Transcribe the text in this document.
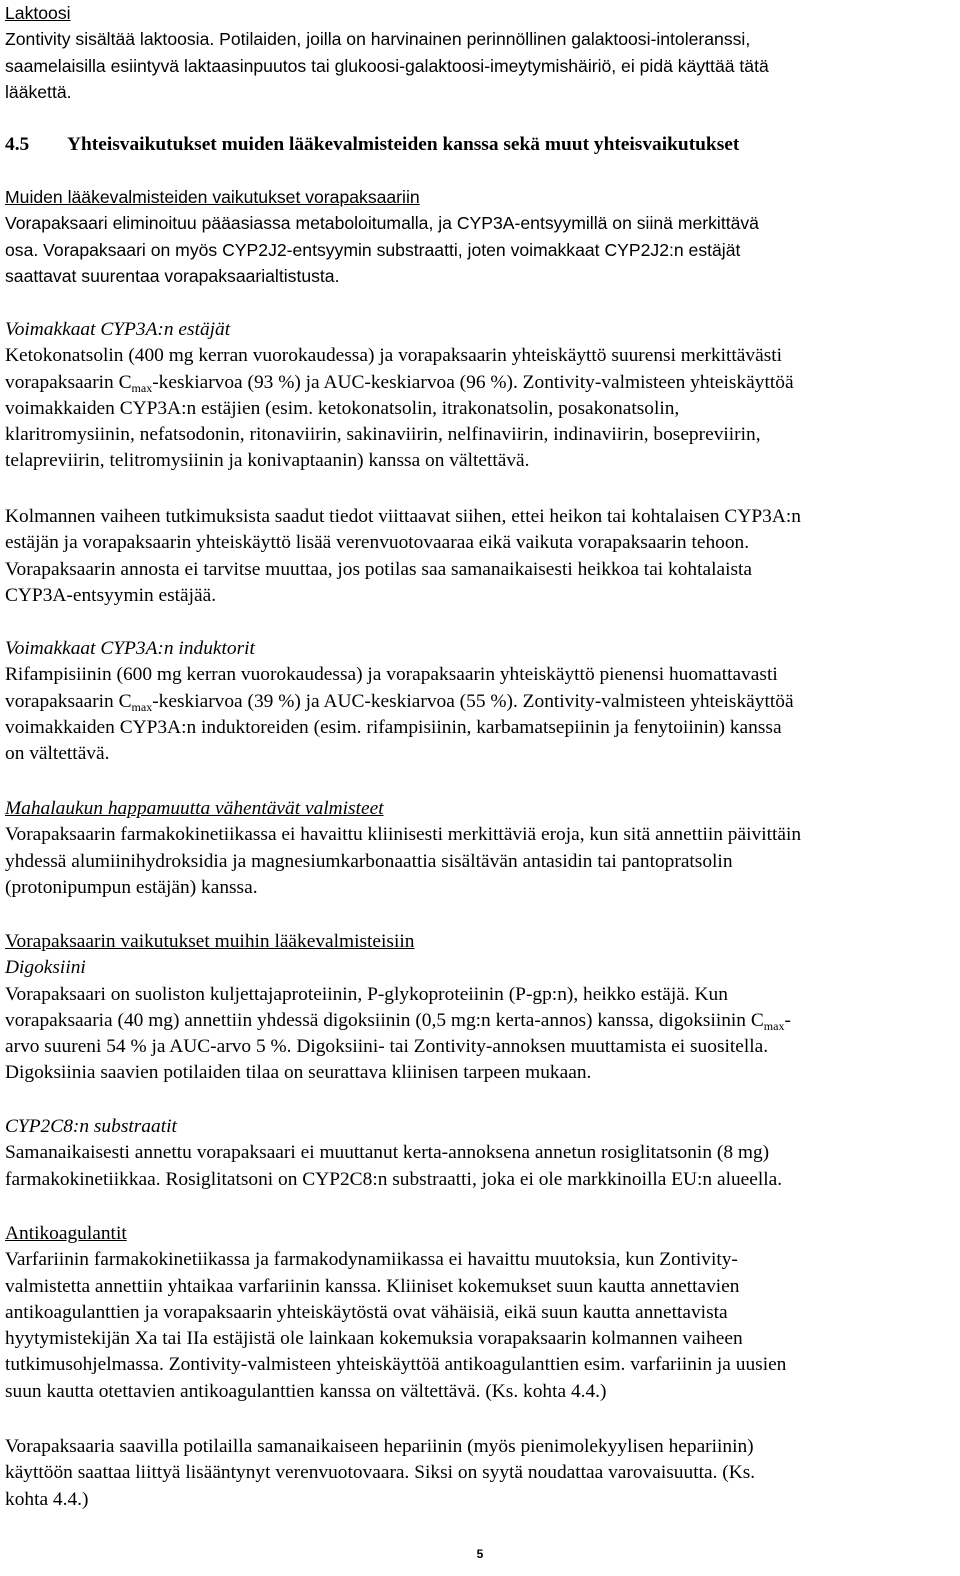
Laktoosi
Zontivity sisältää laktoosia. Potilaiden, joilla on harvinainen perinnöllinen galaktoosi-intoleranssi,
saamelaisilla esiintyvä laktaasinpuutos tai glukoosi-galaktoosi-imeytymishäiriö, ei pidä käyttää tätä
lääkettä.
4.5 Yhteisvaikutukset muiden lääkevalmisteiden kanssa sekä muut yhteisvaikutukset
Muiden lääkevalmisteiden vaikutukset vorapaksaariin
Vorapaksaari eliminoituu pääasiassa metaboloitumalla, ja CYP3A-entsyymillä on siinä merkittävä
osa. Vorapaksaari on myös CYP2J2-entsyymin substraatti, joten voimakkaat CYP2J2:n estäjät
saattavat suurentaa vorapaksaarialtistusta.
Voimakkaat CYP3A:n estäjät
Ketokonatsolin (400 mg kerran vuorokaudessa) ja vorapaksaarin yhteiskäyttö suurensi merkittävästi
vorapaksaarin $C_{max}$-keskiarvoa (93 %) ja AUC-keskiarvoa (96 %). Zontivity-valmisteen yhteiskäyttöä
voimakkaiden CYP3A:n estäjien (esim. ketokonatsolin, itrakonatsolin, posakonatsolin,
klaritromysiinin, nefatsodonin, ritonaviirin, sakinaviirin, nelfinaviirin, indinaviirin, bosepreviirin,
telapreviirin, telitromysiinin ja konivaptaanin) kanssa on vältettävä.
Kolmannen vaiheen tutkimuksista saadut tiedot viittaavat siihen, ettei heikon tai kohtalaisen CYP3A:n
estäjän ja vorapaksaarin yhteiskäyttö lisää verenvuotovaaraa eikä vaikuta vorapaksaarin tehoon.
Vorapaksaarin annosta ei tarvitse muuttaa, jos potilas saa samanaikaisesti heikkoa tai kohtalaista
CYP3A-entsyymin estäjää.
Voimakkaat CYP3A:n induktorit
Rifampisiinin (600 mg kerran vuorokaudessa) ja vorapaksaarin yhteiskäyttö pienensi huomattavasti
vorapaksaarin $C_{max}$-keskiarvoa (39 %) ja AUC-keskiarvoa (55 %). Zontivity-valmisteen yhteiskäyttöä
voimakkaiden CYP3A:n induktoreiden (esim. rifampisiinin, karbamatsepiinin ja fenytoiinin) kanssa
on vältettävä.
Mahalaukun happamuutta vähentävät valmisteet
Vorapaksaarin farmakokinetiikassa ei havaittu kliinisesti merkittäviä eroja, kun sitä annettiin päivittäin
yhdessä alumiinihydroksidia ja magnesiumkarbonaattia sisältävän antasidin tai pantopratsolin
(protonipumpun estäjän) kanssa.
Vorapaksaarin vaikutukset muihin lääkevalmisteisiin
Digoksiini
Vorapaksaari on suoliston kuljettajaproteiinin, P-glykoproteiinin (P-gp:n), heikko estäjä. Kun
vorapaksaaria (40 mg) annettiin yhdessä digoksiinin (0,5 mg:n kerta-annos) kanssa, digoksiinin $C_{max}-$
arvo suureni 54 % ja AUC-arvo 5 %. Digoksiini- tai Zontivity-annoksen muuttamista ei suositella.
Digoksiinia saavien potilaiden tilaa on seurattava kliinisen tarpeen mukaan.
CYP2C8:n substraatit
Samanaikaisesti annettu vorapaksaari ei muuttanut kerta-annoksena annetun rosiglitatsonin (8 mg)
farmakokinetiikkaa. Rosiglitatsoni on CYP2C8:n substraatti, joka ei ole markkinoilla EU:n alueella.
Antikoagulantit
Varfariinin farmakokinetiikassa ja farmakodynamiikassa ei havaittu muutoksia, kun Zontivity-
valmistetta annettiin yhtaikaa varfariinin kanssa. Kliiniset kokemukset suun kautta annettavien
antikoagulanttien ja vorapaksaarin yhteiskäytöstä ovat vähäisiä, eikä suun kautta annettavista
hyytymistekijän Xa tai IIa estäjistä ole lainkaan kokemuksia vorapaksaarin kolmannen vaiheen
tutkimusohjelmassa. Zontivity-valmisteen yhteiskäyttöä antikoagulanttien esim. varfariinin ja uusien
suun kautta otettavien antikoagulanttien kanssa on vältettävä. (Ks. kohta 4.4.)
Vorapaksaaria saavilla potilailla samanaikaiseen hepariinin (myös pienimolekyylisen hepariinin)
käyttöön saattaa liittyä lisääntynyt verenvuotovaara. Siksi on syytä noudattaa varovaisuutta. (Ks.
kohta 4.4.)
5
